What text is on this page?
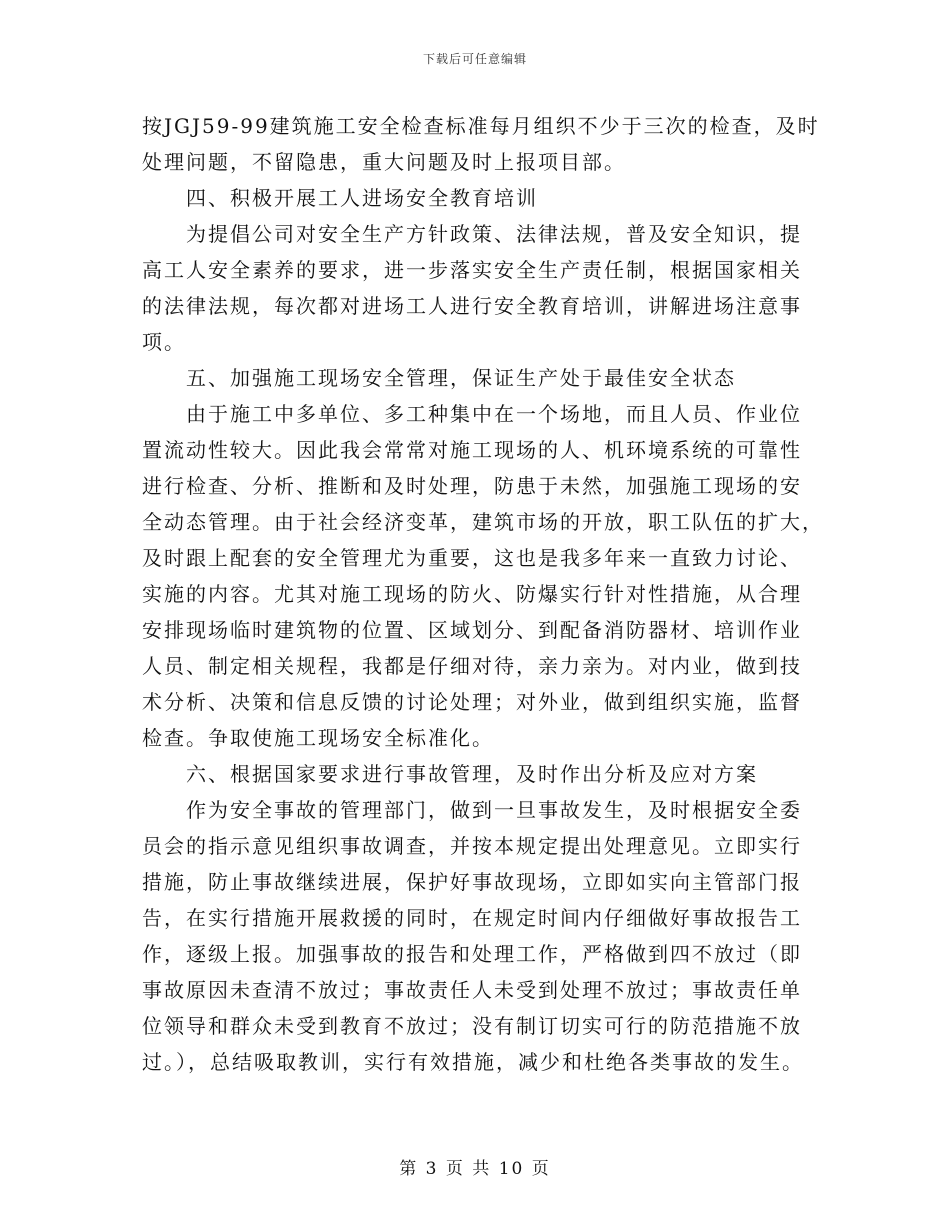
下载后可任意编辑
按JGJ59-99建筑施工安全检查标准每月组织不少于三次的检查，及时
处理问题，不留隐患，重大问题及时上报项目部。
　　四、积极开展工人进场安全教育培训
　　为提倡公司对安全生产方针政策、法律法规，普及安全知识，提
高工人安全素养的要求，进一步落实安全生产责任制，根据国家相关
的法律法规，每次都对进场工人进行安全教育培训，讲解进场注意事
项。
　　五、加强施工现场安全管理，保证生产处于最佳安全状态
　　由于施工中多单位、多工种集中在一个场地，而且人员、作业位
置流动性较大。因此我会常常对施工现场的人、机环境系统的可靠性
进行检查、分析、推断和及时处理，防患于未然，加强施工现场的安
全动态管理。由于社会经济变革，建筑市场的开放，职工队伍的扩大，
及时跟上配套的安全管理尤为重要，这也是我多年来一直致力讨论、
实施的内容。尤其对施工现场的防火、防爆实行针对性措施，从合理
安排现场临时建筑物的位置、区域划分、到配备消防器材、培训作业
人员、制定相关规程，我都是仔细对待，亲力亲为。对内业，做到技
术分析、决策和信息反馈的讨论处理；对外业，做到组织实施，监督
检查。争取使施工现场安全标准化。
　　六、根据国家要求进行事故管理，及时作出分析及应对方案
　　作为安全事故的管理部门，做到一旦事故发生，及时根据安全委
员会的指示意见组织事故调查，并按本规定提出处理意见。立即实行
措施，防止事故继续进展，保护好事故现场，立即如实向主管部门报
告，在实行措施开展救援的同时，在规定时间内仔细做好事故报告工
作，逐级上报。加强事故的报告和处理工作，严格做到四不放过（即
事故原因未查清不放过；事故责任人未受到处理不放过；事故责任单
位领导和群众未受到教育不放过；没有制订切实可行的防范措施不放
过。），总结吸取教训，实行有效措施，减少和杜绝各类事故的发生。
第 3 页 共 10 页
